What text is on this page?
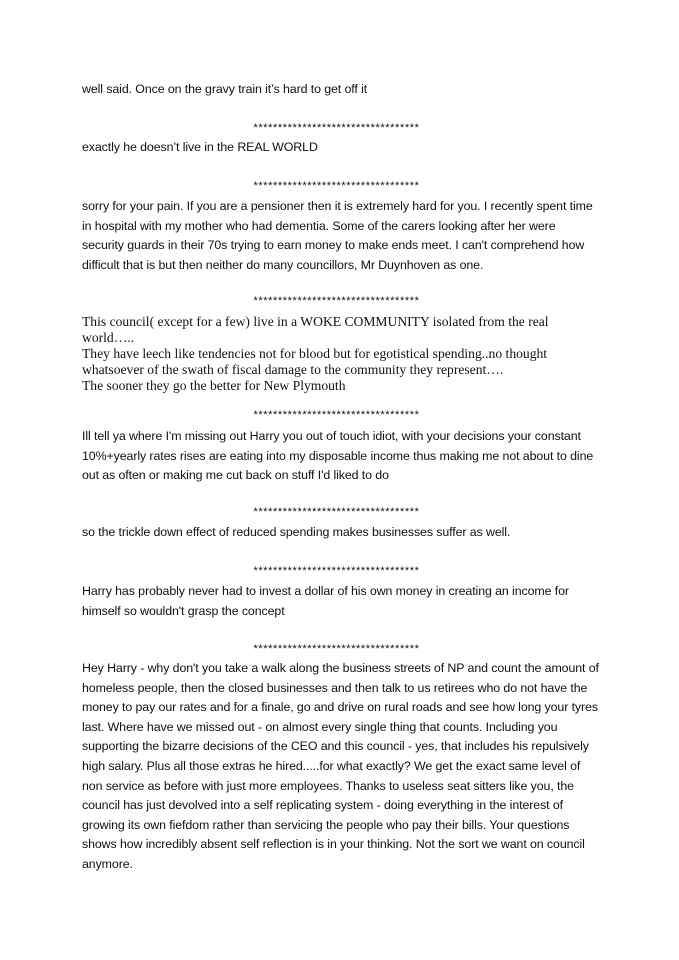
well said. Once on the gravy train it’s hard to get off it

**********************************

exactly he doesn’t live in the REAL WORLD

**********************************

sorry for your pain. If you are a pensioner then it is extremely hard for you. I recently spent time in hospital with my mother who had dementia. Some of the carers looking after her were security guards in their 70s trying to earn money to make ends meet. I can't comprehend how difficult that is but then neither do many councillors, Mr Duynhoven as one.

**********************************

This council( except for a few) live in a WOKE COMMUNITY isolated from the real world…..
They have leech like tendencies not for blood but for egotistical spending..no thought whatsoever of the swath of fiscal damage to the community they represent….
The sooner they go the better for New Plymouth

**********************************

Ill tell ya where I'm missing out Harry you out of touch idiot, with your decisions your constant 10%+yearly rates rises are eating into my disposable income thus making me not about to dine out as often or making me cut back on stuff I'd liked to do

**********************************

so the trickle down effect of reduced spending makes businesses suffer as well.

**********************************

Harry has probably never had to invest a dollar of his own money in creating an income for himself so wouldn't grasp the concept

**********************************

Hey Harry - why don't you take a walk along the business streets of NP and count the amount of homeless people, then the closed businesses and then talk to us retirees who do not have the money to pay our rates and for a finale, go and drive on rural roads and see how long your tyres last. Where have we missed out - on almost every single thing that counts. Including you supporting the bizarre decisions of the CEO and this council - yes, that includes his repulsively high salary. Plus all those extras he hired.....for what exactly? We get the exact same level of non service as before with just more employees. Thanks to useless seat sitters like you, the council has just devolved into a self replicating system - doing everything in the interest of growing its own fiefdom rather than servicing the people who pay their bills. Your questions shows how incredibly absent self reflection is in your thinking. Not the sort we want on council anymore.
